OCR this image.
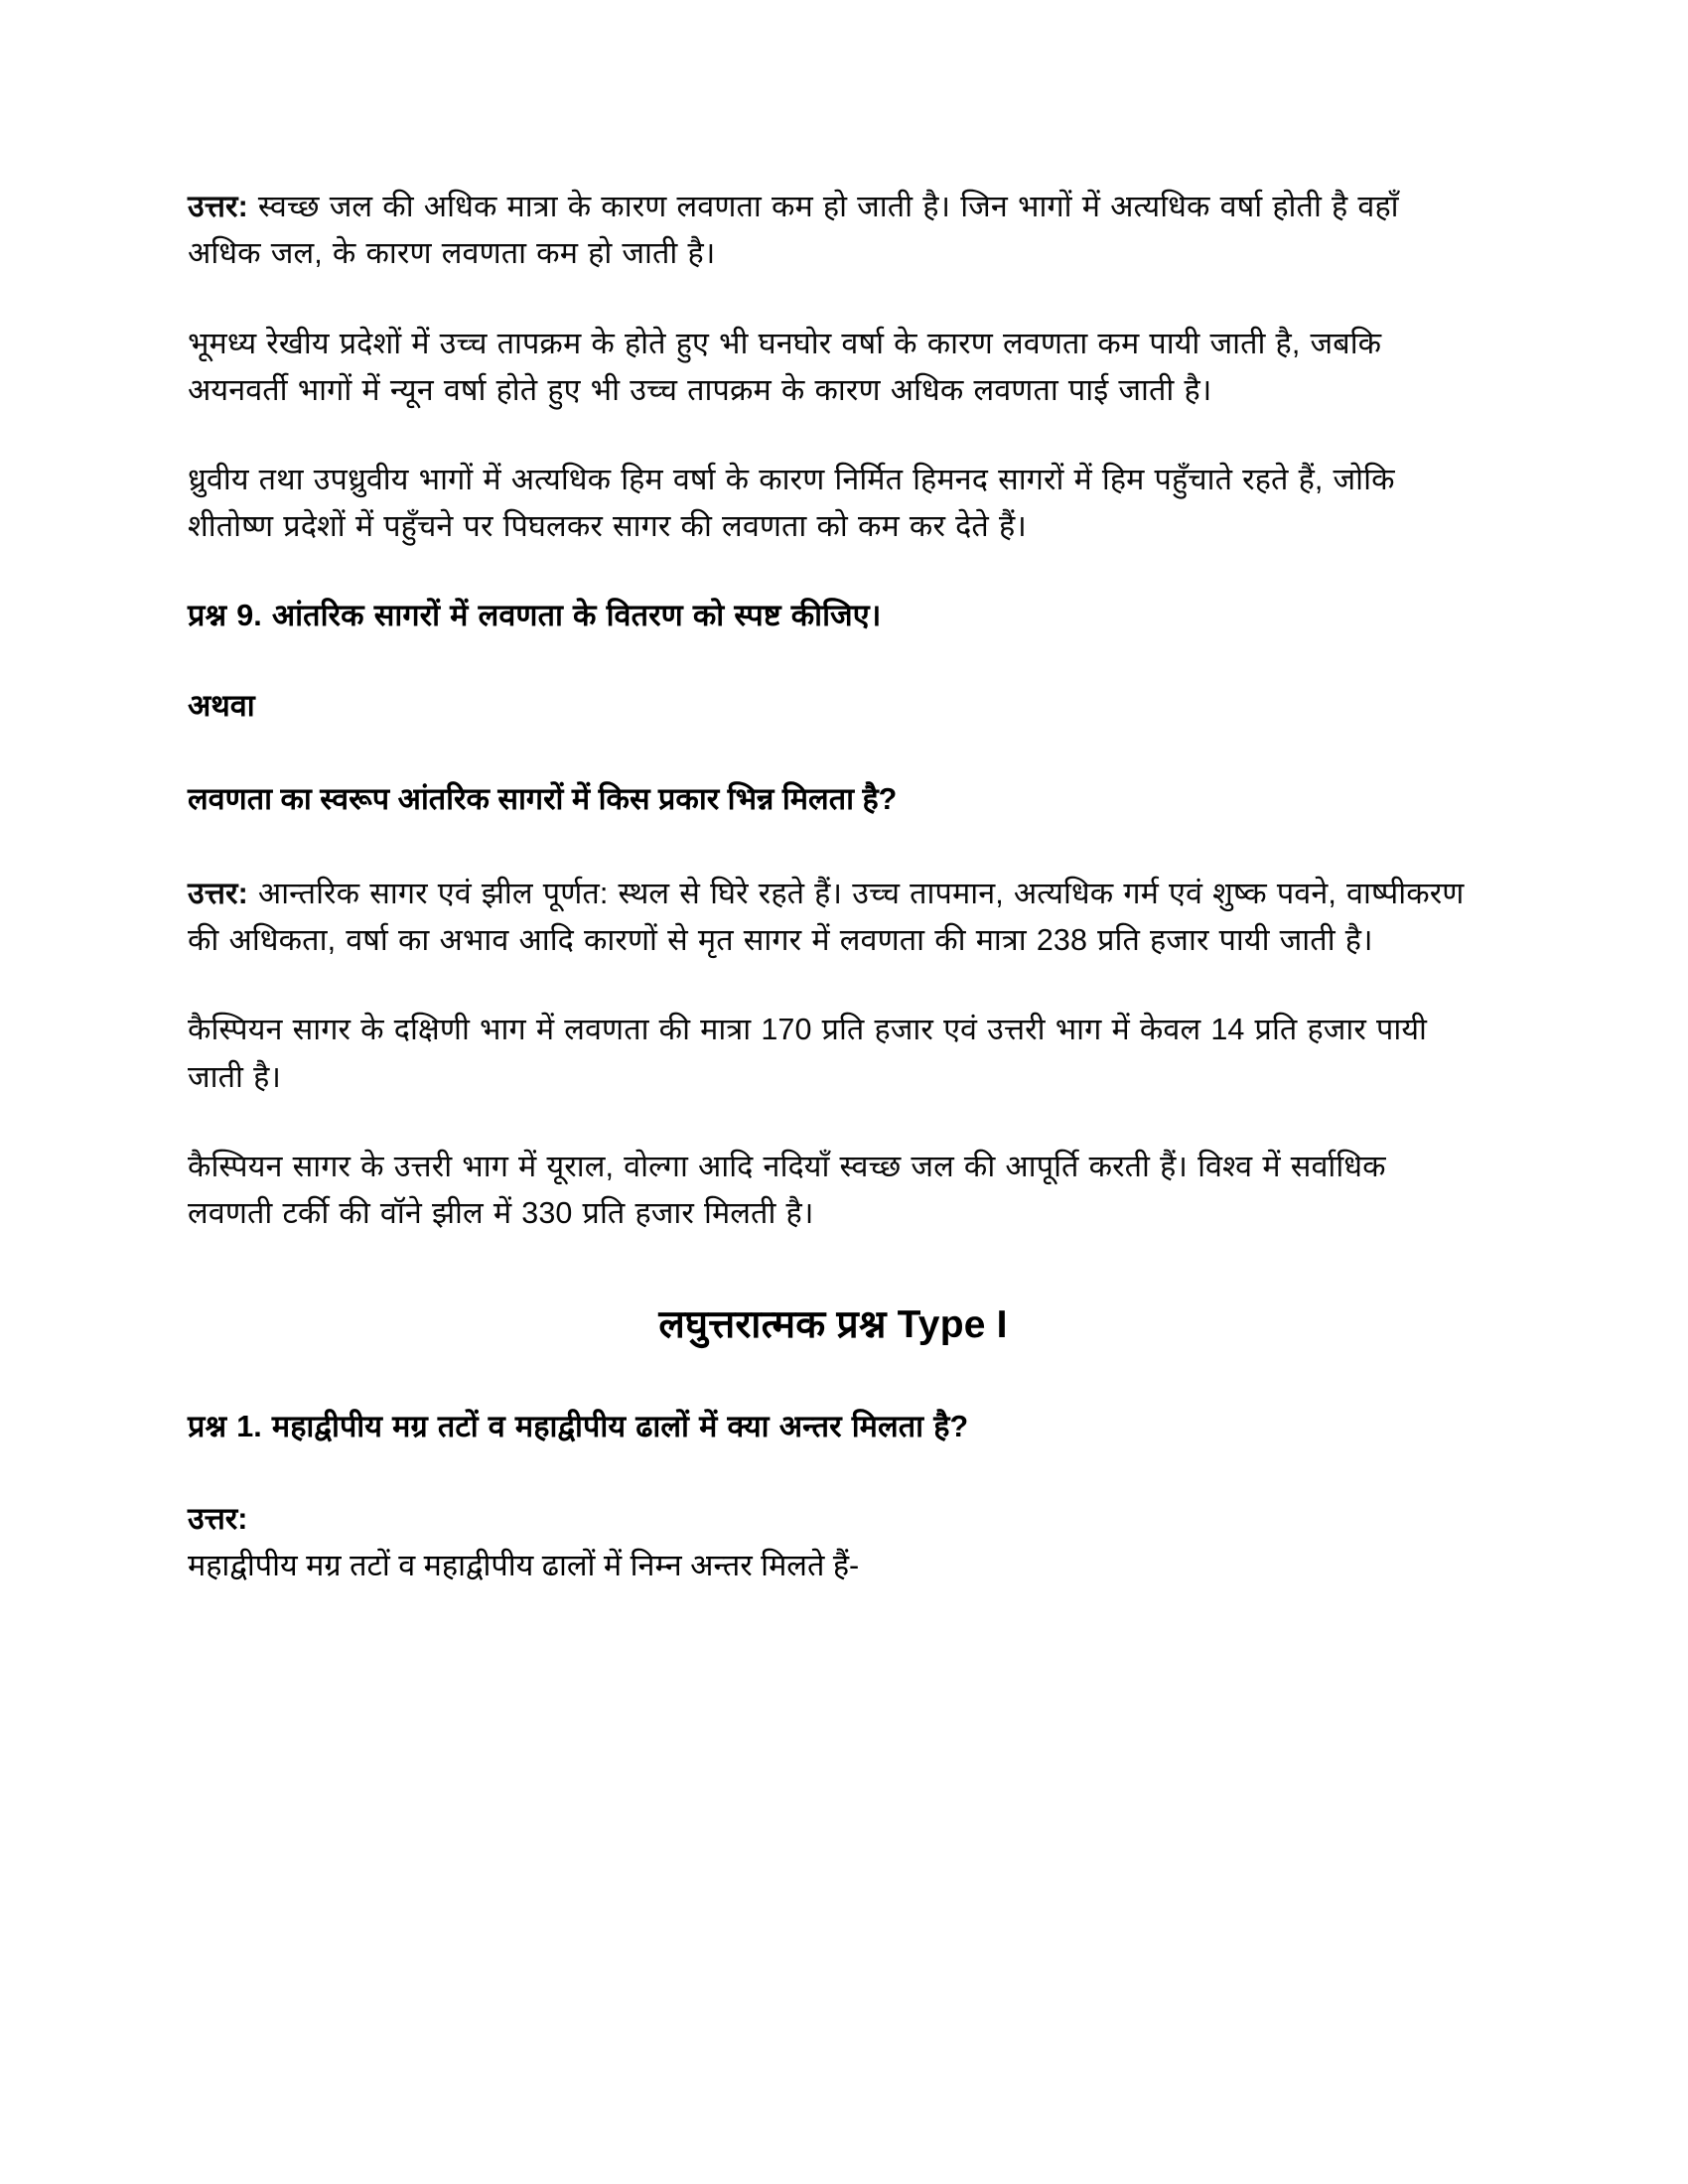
उत्तर: स्वच्छ जल की अधिक मात्रा के कारण लवणता कम हो जाती है। जिन भागों में अत्यधिक वर्षा होती है वहाँ अधिक जल, के कारण लवणता कम हो जाती है।

भूमध्य रेखीय प्रदेशों में उच्च तापक्रम के होते हुए भी घनघोर वर्षा के कारण लवणता कम पायी जाती है, जबकि अयनवर्ती भागों में न्यून वर्षा होते हुए भी उच्च तापक्रम के कारण अधिक लवणता पाई जाती है।

ध्रुवीय तथा उपध्रुवीय भागों में अत्यधिक हिम वर्षा के कारण निर्मित हिमनद सागरों में हिम पहुँचाते रहते हैं, जोकि शीतोष्ण प्रदेशों में पहुँचने पर पिघलकर सागर की लवणता को कम कर देते हैं।

प्रश्न 9. आंतरिक सागरों में लवणता के वितरण को स्पष्ट कीजिए।

अथवा

लवणता का स्वरूप आंतरिक सागरों में किस प्रकार भिन्न मिलता है?

उत्तर: आन्तरिक सागर एवं झील पूर्णत: स्थल से घिरे रहते हैं। उच्च तापमान, अत्यधिक गर्म एवं शुष्क पवने, वाष्पीकरण की अधिकता, वर्षा का अभाव आदि कारणों से मृत सागर में लवणता की मात्रा 238 प्रति हजार पायी जाती है।

कैस्पियन सागर के दक्षिणी भाग में लवणता की मात्रा 170 प्रति हजार एवं उत्तरी भाग में केवल 14 प्रति हजार पायी जाती है।

कैस्पियन सागर के उत्तरी भाग में यूराल, वोल्गा आदि नदियाँ स्वच्छ जल की आपूर्ति करती हैं। विश्व में सर्वाधिक लवणती टर्की की वॉने झील में 330 प्रति हजार मिलती है।

लघुत्तरात्मक प्रश्न Type I

प्रश्न 1. महाद्वीपीय मग्र तटों व महाद्वीपीय ढालों में क्या अन्तर मिलता है?

उत्तर:
महाद्वीपीय मग्र तटों व महाद्वीपीय ढालों में निम्न अन्तर मिलते हैं-
